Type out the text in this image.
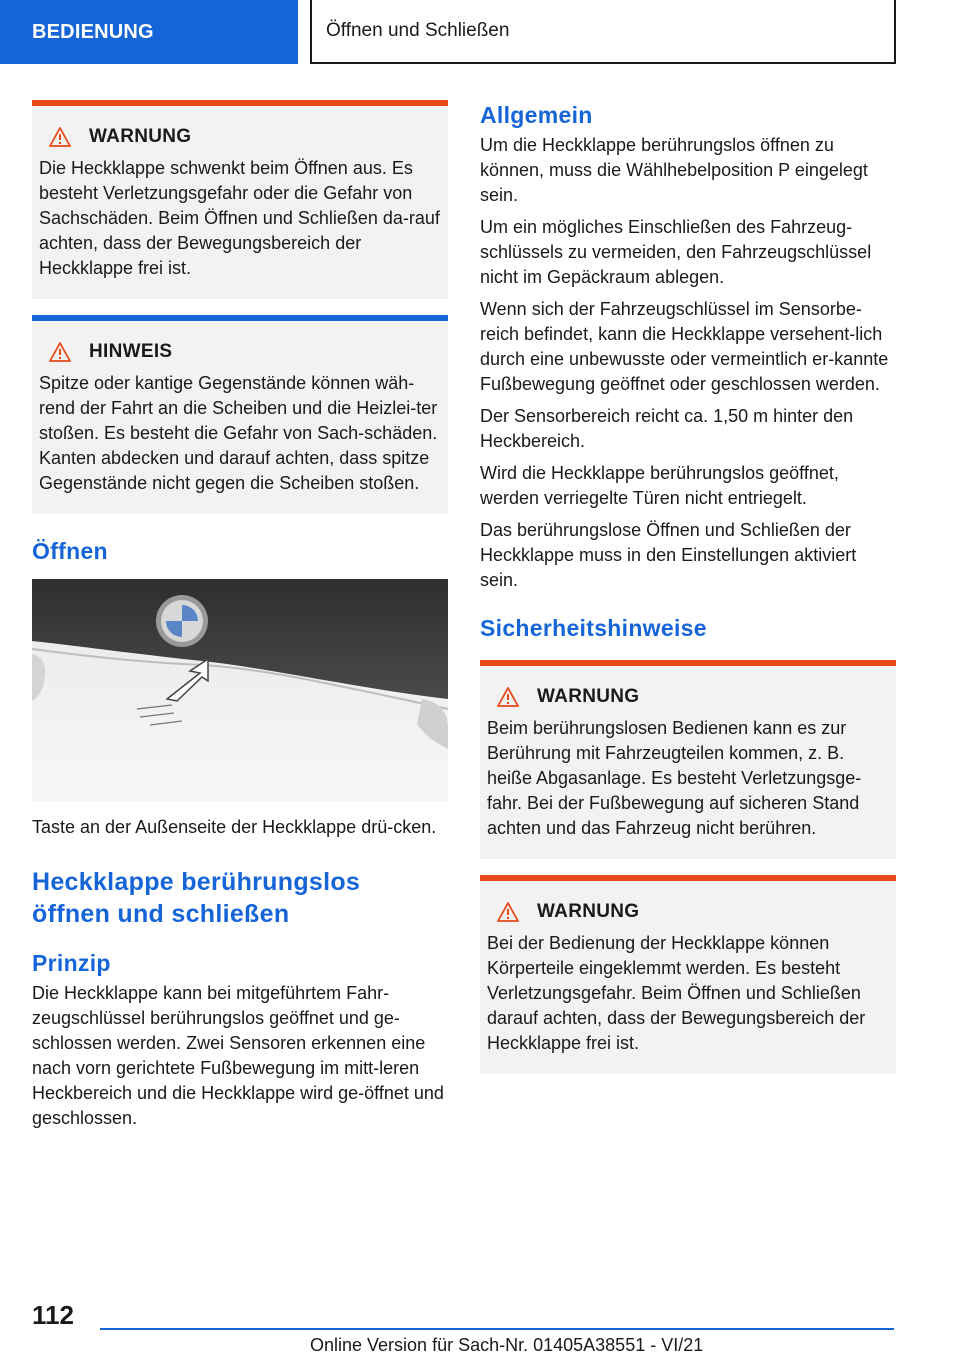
BEDIENUNG	Öffnen und Schließen
WARNUNG

Die Heckklappe schwenkt beim Öffnen aus. Es besteht Verletzungsgefahr oder die Gefahr von Sachschäden. Beim Öffnen und Schließen da-rauf achten, dass der Bewegungsbereich der Heckklappe frei ist.

HINWEIS

Spitze oder kantige Gegenstände können wäh-rend der Fahrt an die Scheiben und die Heizlei-ter stoßen. Es besteht die Gefahr von Sach-schäden. Kanten abdecken und darauf achten, dass spitze Gegenstände nicht gegen die Scheiben stoßen.

Öffnen

Taste an der Außenseite der Heckklappe drü-cken.

Heckklappe berührungslos öffnen und schließen
Prinzip

Die Heckklappe kann bei mitgeführtem Fahr-zeugschlüssel berührungslos geöffnet und ge-schlossen werden. Zwei Sensoren erkennen eine nach vorn gerichtete Fußbewegung im mitt-leren Heckbereich und die Heckklappe wird ge-öffnet und geschlossen.

Allgemein

Um die Heckklappe berührungslos öffnen zu können, muss die Wählhebelposition P eingelegt sein.

Um ein mögliches Einschließen des Fahrzeug-schlüssels zu vermeiden, den Fahrzeugschlüssel nicht im Gepäckraum ablegen.

Wenn sich der Fahrzeugschlüssel im Sensorbe-reich befindet, kann die Heckklappe versehent-lich durch eine unbewusste oder vermeintlich er-kannte Fußbewegung geöffnet oder geschlossen werden.

Der Sensorbereich reicht ca. 1,50 m hinter den Heckbereich.

Wird die Heckklappe berührungslos geöffnet, werden verriegelte Türen nicht entriegelt.

Das berührungslose Öffnen und Schließen der Heckklappe muss in den Einstellungen aktiviert sein.

Sicherheitshinweise
WARNUNG

Beim berührungslosen Bedienen kann es zur Berührung mit Fahrzeugteilen kommen, z. B. heiße Abgasanlage. Es besteht Verletzungsge-fahr. Bei der Fußbewegung auf sicheren Stand achten und das Fahrzeug nicht berühren.

WARNUNG

Bei der Bedienung der Heckklappe können Körperteile eingeklemmt werden. Es besteht Verletzungsgefahr. Beim Öffnen und Schließen darauf achten, dass der Bewegungsbereich der Heckklappe frei ist.

112
Online Version für Sach-Nr. 01405A38551 - VI/21
